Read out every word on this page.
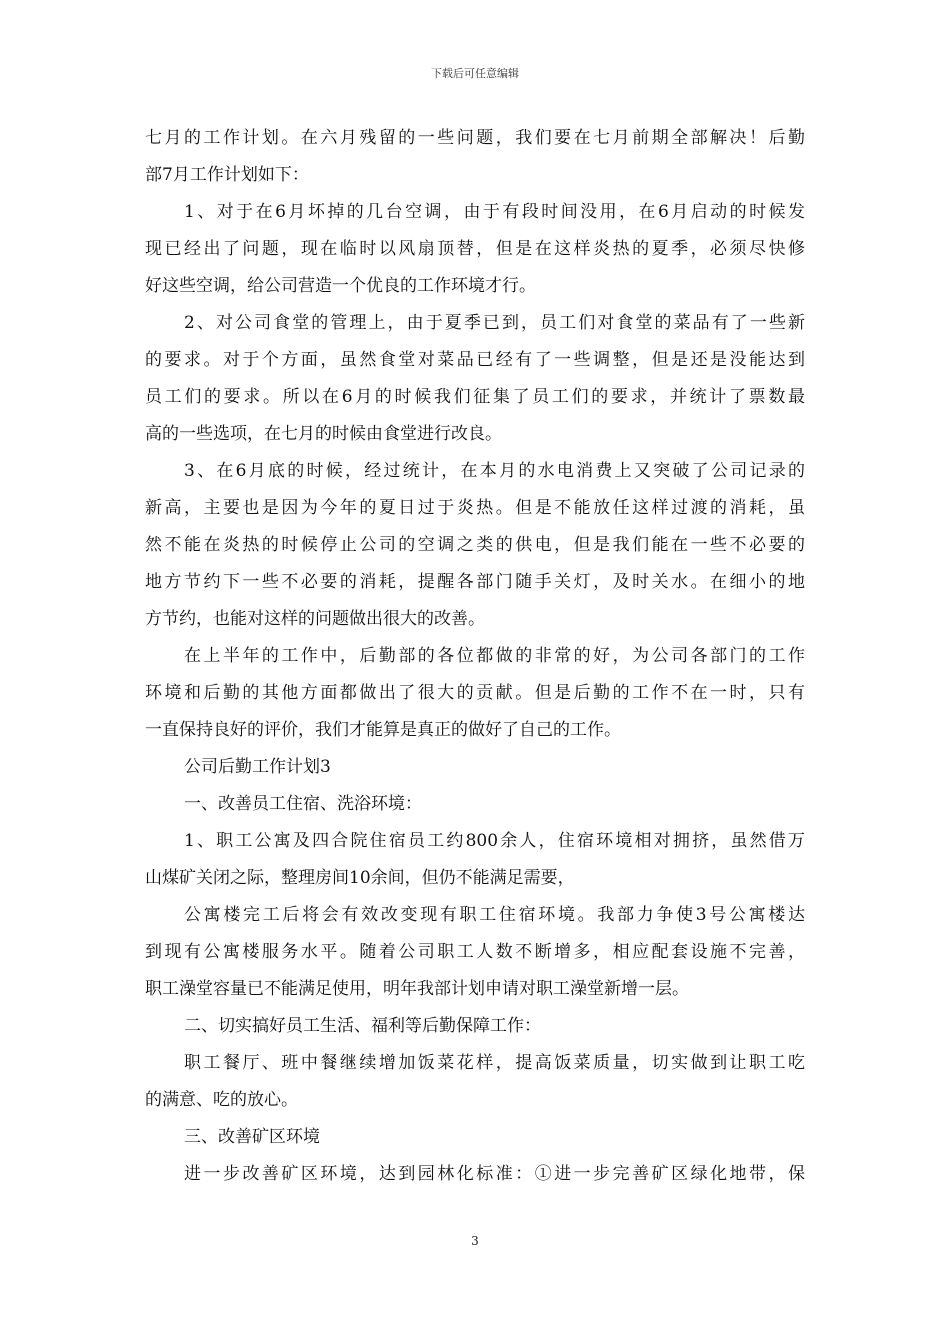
下载后可任意编辑
七月的工作计划。在六月残留的一些问题，我们要在七月前期全部解决！后勤
部7月工作计划如下：
1、对于在6月坏掉的几台空调，由于有段时间没用，在6月启动的时候发
现已经出了问题，现在临时以风扇顶替，但是在这样炎热的夏季，必须尽快修
好这些空调，给公司营造一个优良的工作环境才行。
2、对公司食堂的管理上，由于夏季已到，员工们对食堂的菜品有了一些新
的要求。对于个方面，虽然食堂对菜品已经有了一些调整，但是还是没能达到
员工们的要求。所以在6月的时候我们征集了员工们的要求，并统计了票数最
高的一些选项，在七月的时候由食堂进行改良。
3、在6月底的时候，经过统计，在本月的水电消费上又突破了公司记录的
新高，主要也是因为今年的夏日过于炎热。但是不能放任这样过渡的消耗，虽
然不能在炎热的时候停止公司的空调之类的供电，但是我们能在一些不必要的
地方节约下一些不必要的消耗，提醒各部门随手关灯，及时关水。在细小的地
方节约，也能对这样的问题做出很大的改善。
在上半年的工作中，后勤部的各位都做的非常的好，为公司各部门的工作
环境和后勤的其他方面都做出了很大的贡献。但是后勤的工作不在一时，只有
一直保持良好的评价，我们才能算是真正的做好了自己的工作。
公司后勤工作计划3
一、改善员工住宿、洗浴环境：
1、职工公寓及四合院住宿员工约800余人，住宿环境相对拥挤，虽然借万
山煤矿关闭之际，整理房间10余间，但仍不能满足需要，
公寓楼完工后将会有效改变现有职工住宿环境。我部力争使3号公寓楼达
到现有公寓楼服务水平。随着公司职工人数不断增多，相应配套设施不完善，
职工澡堂容量已不能满足使用，明年我部计划申请对职工澡堂新增一层。
二、切实搞好员工生活、福利等后勤保障工作：
职工餐厅、班中餐继续增加饭菜花样，提高饭菜质量，切实做到让职工吃
的满意、吃的放心。
三、改善矿区环境
进一步改善矿区环境，达到园林化标准：①进一步完善矿区绿化地带，保
3
